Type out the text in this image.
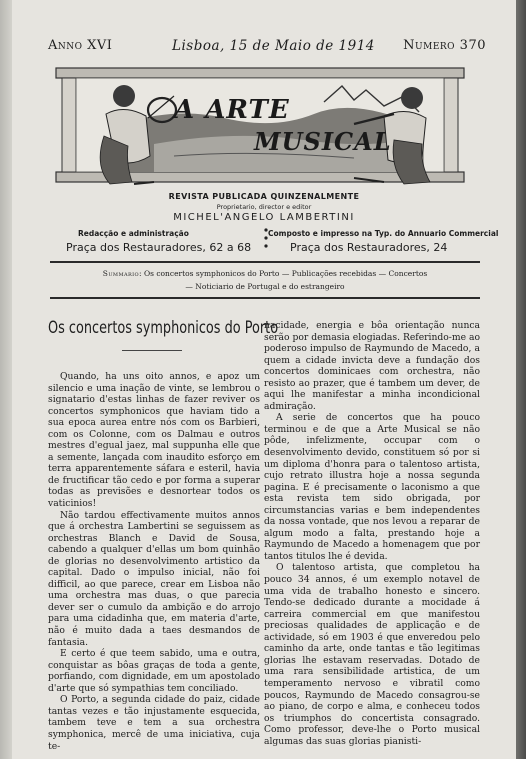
Anno XVI	Lisboa, 15 de Maio de 1914 Numero 370
A ARTE
MUSICAL
REVISTA PUBLICADA QUINZENALMENTE
Proprietario, director e editor
MICHEL'ANGELO LAMBERTINI
Redacção e administração
Praça dos Restauradores, 62 a 68
Composto e impresso na Typ. do Annuario Commercial
Praça dos Restauradores, 24
Summario: Os concertos symphonicos do Porto — Publicações recebidas — Concertos
— Noticiario de Portugal e do estrangeiro
Os concertos symphonicos do Porto

Quando, ha uns oito annos, e apoz um silencio e uma inação de vinte, se lembrou o signatario d'estas linhas de fazer reviver os concertos symphonicos que haviam tido a sua epoca aurea entre nós com os Barbieri, com os Colonne, com os Dalmau e outros mestres d'egual jaez, mal suppunha elle que a semente, lançada com inaudito esforço em terra apparentemente sáfara e esteril, havia de fructificar tão cedo e por forma a superar todas as previsões e desnortear todos os vaticinios!

Não tardou effectivamente muitos annos que á orchestra Lambertini se seguissem as orchestras Blanch e David de Sousa, cabendo a qualquer d'ellas um bom quinhão de glorias no desenvolvimento artistico da capital. Dado o impulso inicial, não foi difficil, ao que parece, crear em Lisboa não uma orchestra mas duas, o que parecia dever ser o cumulo da ambição e do arrojo para uma cidadinha que, em materia d'arte, não é muito dada a taes desmandos de fantasia.

E certo é que teem sabido, uma e outra, conquistar as bôas graças de toda a gente, porfiando, com dignidade, em um apostolado d'arte que só sympathias tem conciliado.

O Porto, a segunda cidade do paiz, cidade tantas vezes e tão injustamente esquecida, tambem teve e tem a sua orchestra symphonica, mercê de uma iniciativa, cuja te-

nacidade, energia e bôa orientação nunca serão por demasia elogiadas. Referindo-me ao poderoso impulso de Raymundo de Macedo, a quem a cidade invicta deve a fundação dos concertos dominicaes com orchestra, não resisto ao prazer, que é tambem um dever, de aqui lhe manifestar a minha incondicional admiração.

A serie de concertos que ha pouco terminou e de que a Arte Musical se não pôde, infelizmente, occupar com o desenvolvimento devido, constituem só por si um diploma d'honra para o talentoso artista, cujo retrato illustra hoje a nossa segunda pagina. E é precisamente o laconismo a que esta revista tem sido obrigada, por circumstancias varias e bem independentes da nossa vontade, que nos levou a reparar de algum modo a falta, prestando hoje a Raymundo de Macedo a homenagem que por tantos titulos lhe é devida.

O talentoso artista, que completou ha pouco 34 annos, é um exemplo notavel de uma vida de trabalho honesto e sincero. Tendo-se dedicado durante a mocidade á carreira commercial em que manifestou preciosas qualidades de applicação e de actividade, só em 1903 é que enveredou pelo caminho da arte, onde tantas e tão legitimas glorias lhe estavam reservadas. Dotado de uma rara sensibilidade artistica, de um temperamento nervoso e vibratil como poucos, Raymundo de Macedo consagrou-se ao piano, de corpo e alma, e conheceu todos os triumphos do concertista consagrado. Como professor, deve-lhe o Porto musical algumas das suas glorias pianisti-
